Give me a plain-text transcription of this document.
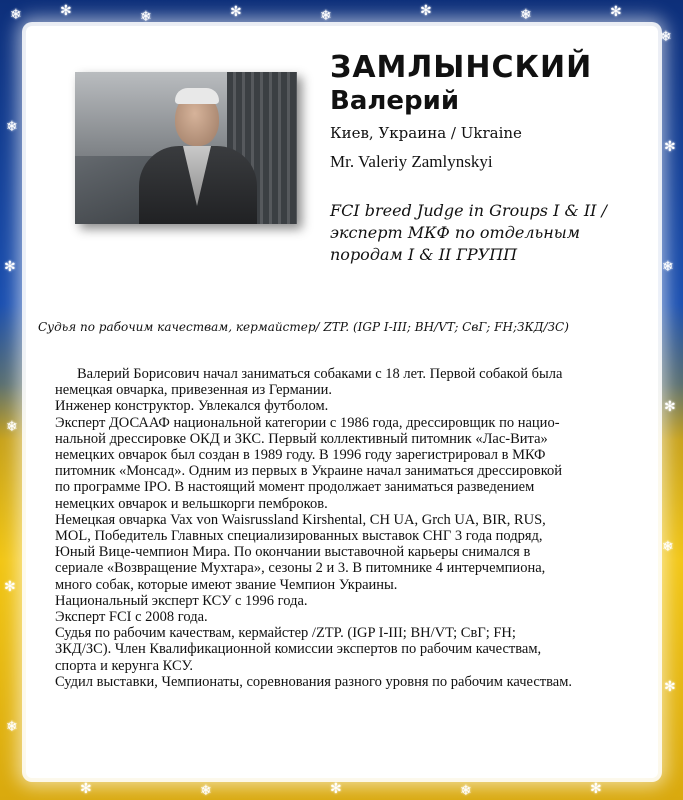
❄	✻	❄	✻	❄	✻	❄	✻
❄
✻
❄
✻
❄
✻
❄
✻
❄
✻
❄
✻	❄	✻	❄	✻
ЗАМЛЫНСКИЙ
Валерий
Киев, Украина / Ukraine
Mr. Valeriy Zamlynskyi

FCI breed Judge in Groups I & II /
эксперт МКФ по отдельным
породам I & II ГРУПП

Судья по рабочим качествам, кермайстер/ ZTP. (IGP I-III; BH/VT; СвГ; FH;ЗКД/ЗС)

Валерий Борисович начал заниматься собаками с 18 лет. Первой собакой была

немецкая овчарка, привезенная из Германии.

Инженер конструктор. Увлекался футболом.

Эксперт ДОСААФ национальной категории с 1986 года, дрессировщик по нацио-

нальной дрессировке ОКД и ЗКС. Первый коллективный питомник «Лас-Вита»

немецких овчарок был создан в 1989 году. В 1996 году зарегистрировал в МКФ

питомник «Монсад». Одним из первых в Украине начал заниматься дрессировкой

по программе IPO. В настоящий момент продолжает заниматься разведением

немецких овчарок и вельшкорги пемброков.

Немецкая овчарка Vax von Waisrussland Kirshental, CH UA, Grch UA, BIR, RUS,

MOL, Победитель Главных специализированных выставок СНГ 3 года подряд,

Юный Вице-чемпион Мира. По окончании выставочной карьеры снимался в

сериале «Возвращение Мухтара», сезоны 2 и 3. В питомнике 4 интерчемпиона,

много собак, которые имеют звание Чемпион Украины.

Национальный эксперт КСУ с 1996 года.

Эксперт FCI с 2008 года.

Судья по рабочим качествам, кермайстер /ZTP. (IGP I-III; BH/VT; СвГ; FH;

ЗКД/ЗС). Член Квалификационной комиссии экспертов по рабочим качествам,

спорта и керунга КСУ.

Судил выставки, Чемпионаты, соревнования разного уровня по рабочим качествам.
